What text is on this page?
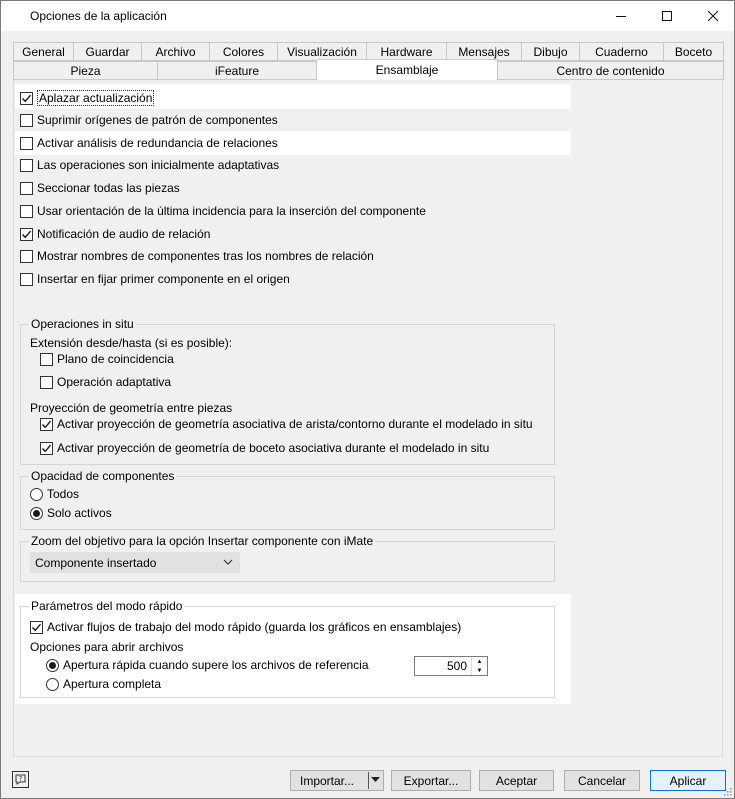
Opciones de la aplicación
General	Guardar	Archivo	Colores	Visualización	Hardware	Mensajes	Dibujo	Cuaderno	Boceto
Pieza	iFeature	Ensamblaje	Centro de contenido
Aplazar actualización
Suprimir orígenes de patrón de componentes
Activar análisis de redundancia de relaciones
Las operaciones son inicialmente adaptativas
Seccionar todas las piezas
Usar orientación de la última incidencia para la inserción del componente
Notificación de audio de relación
Mostrar nombres de componentes tras los nombres de relación
Insertar en fijar primer componente en el origen
Operaciones in situ
Extensión desde/hasta (si es posible):
Plano de coincidencia
Operación adaptativa
Proyección de geometría entre piezas
Activar proyección de geometría asociativa de arista/contorno durante el modelado in situ
Activar proyección de geometría de boceto asociativa durante el modelado in situ
Opacidad de componentes
Todos
Solo activos
Zoom del objetivo para la opción Insertar componente con iMate
Componente insertado
Parámetros del modo rápido
Activar flujos de trabajo del modo rápido (guarda los gráficos en ensamblajes)
Opciones para abrir archivos
Apertura rápida cuando supere los archivos de referencia	500	▲
▼
Apertura completa
?	Importar...	Exportar...	Aceptar	Cancelar	Aplicar
